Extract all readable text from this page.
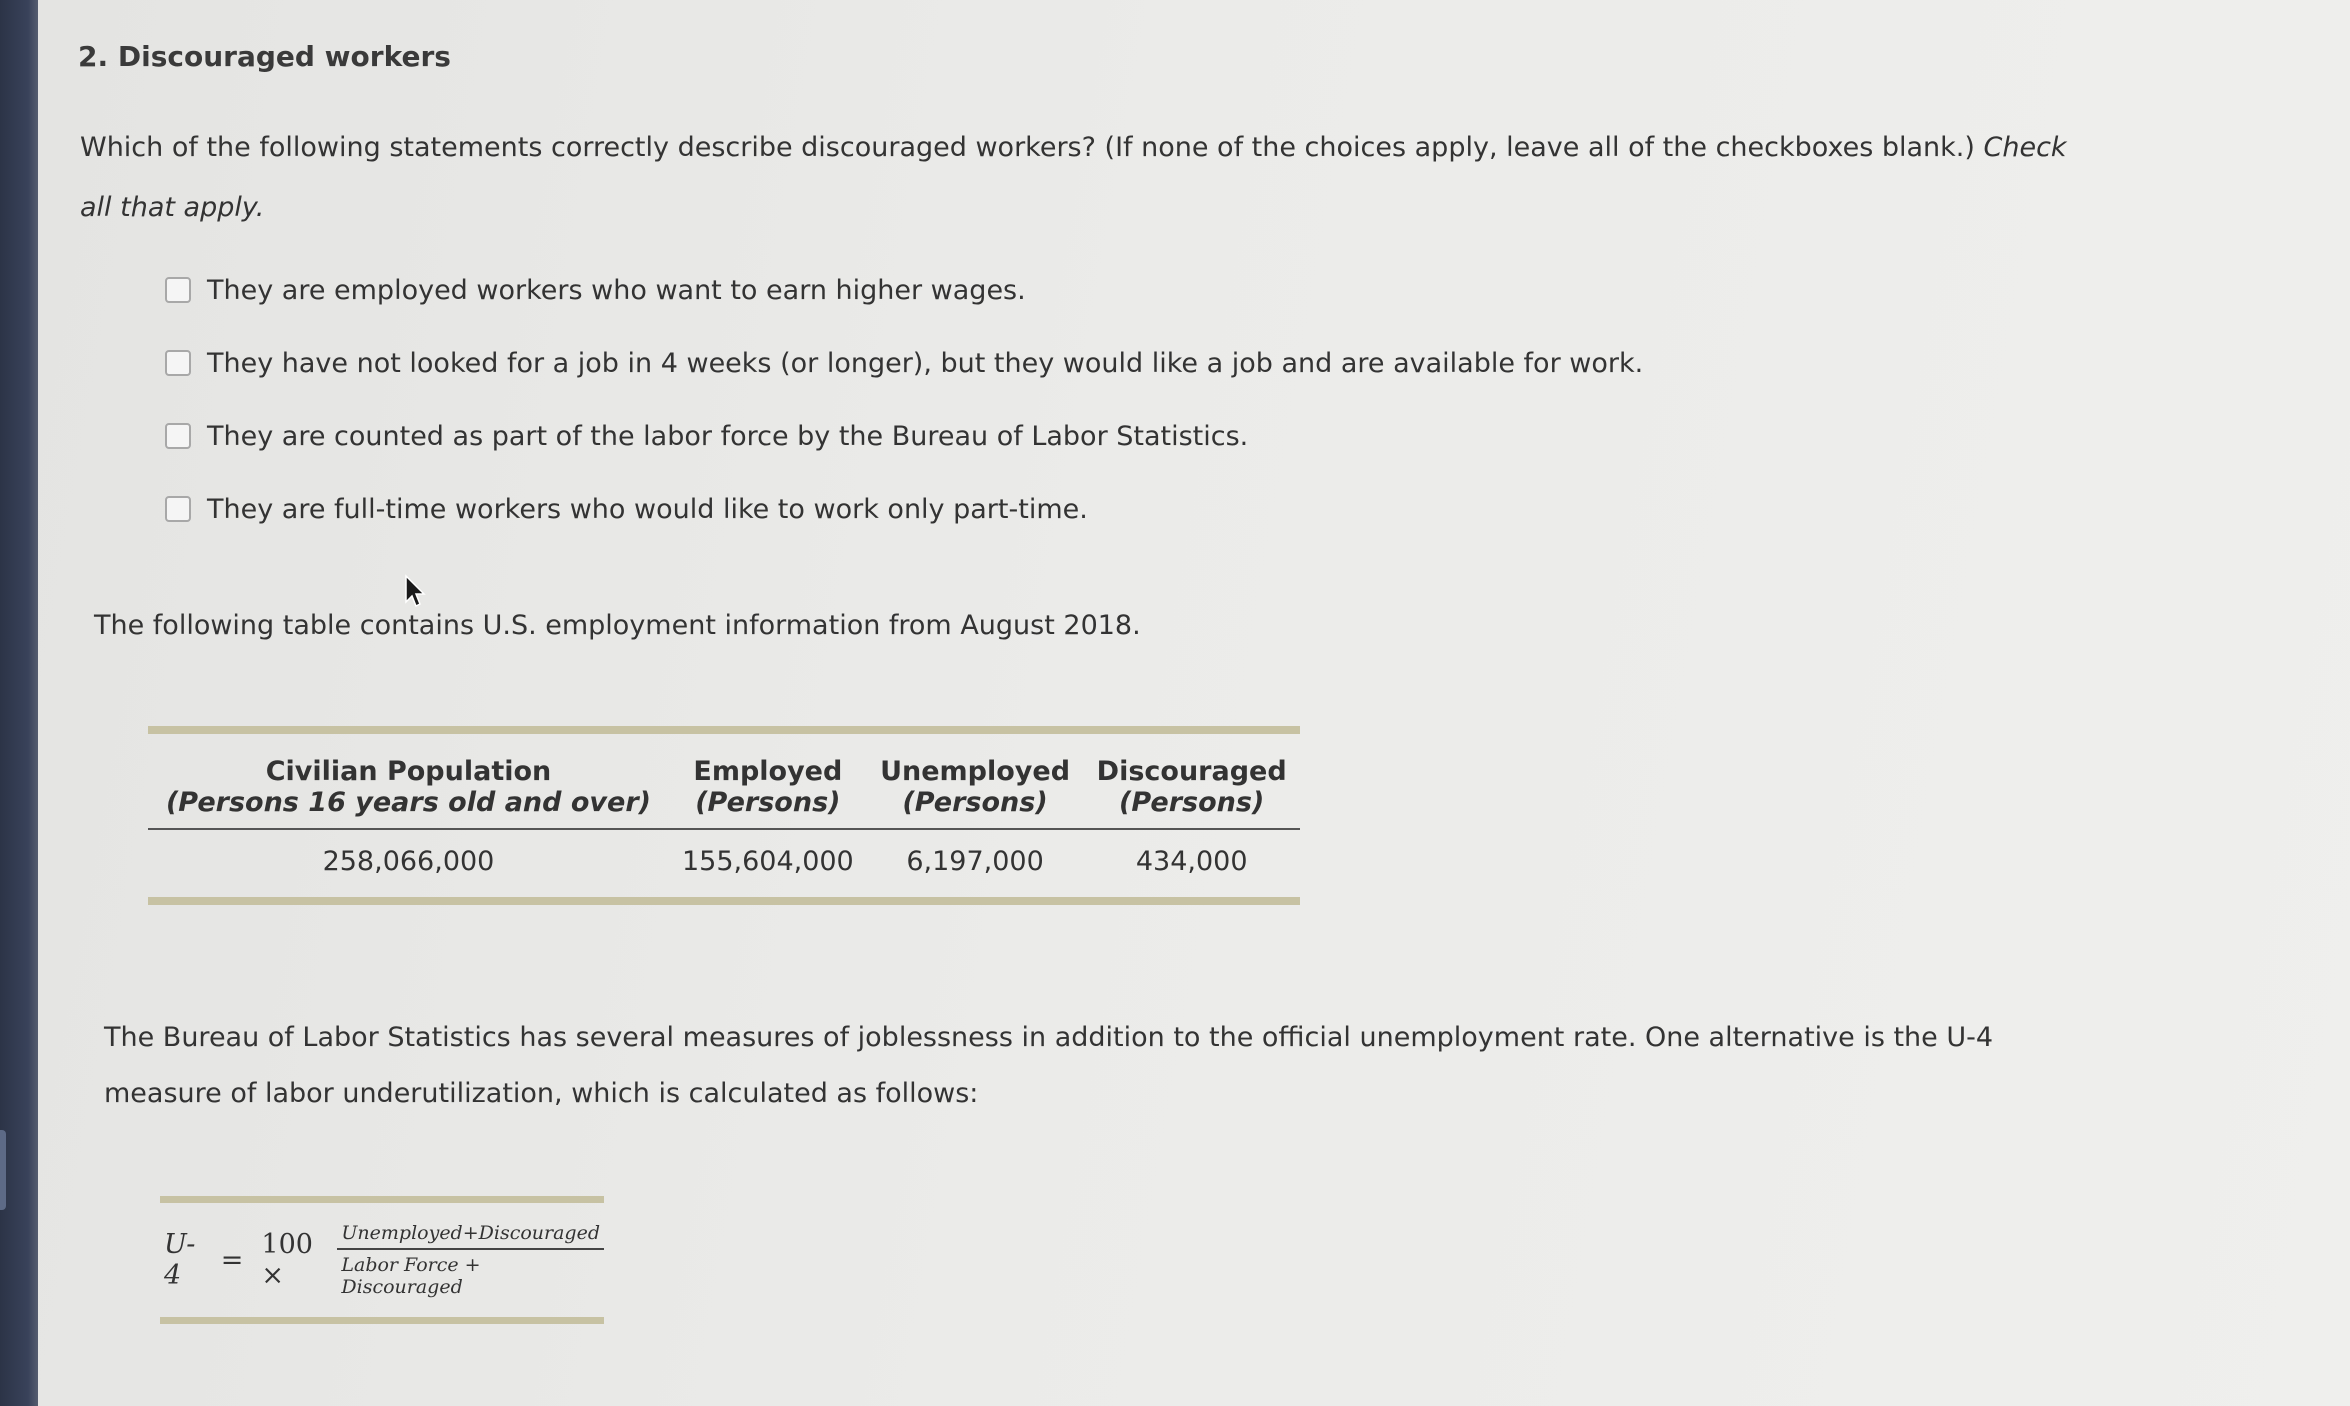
2. Discouraged workers
Which of the following statements correctly describe discouraged workers? (If none of the choices apply, leave all of the checkboxes blank.) Check all that apply.
They are employed workers who want to earn higher wages.
They have not looked for a job in 4 weeks (or longer), but they would like a job and are available for work.
They are counted as part of the labor force by the Bureau of Labor Statistics.
They are full-time workers who would like to work only part-time.
The following table contains U.S. employment information from August 2018.
Civilian Population	Employed	Unemployed	Discouraged
(Persons 16 years old and over)	(Persons)	(Persons)	(Persons)
258,066,000	155,604,000	6,197,000	434,000
The Bureau of Labor Statistics has several measures of joblessness in addition to the official unemployment rate. One alternative is the U-4 measure of labor underutilization, which is calculated as follows:
U-4	= 100 ×	$\frac{\text{Unemployed+Discouraged}}{\text{Labor Force + Discouraged}}$
